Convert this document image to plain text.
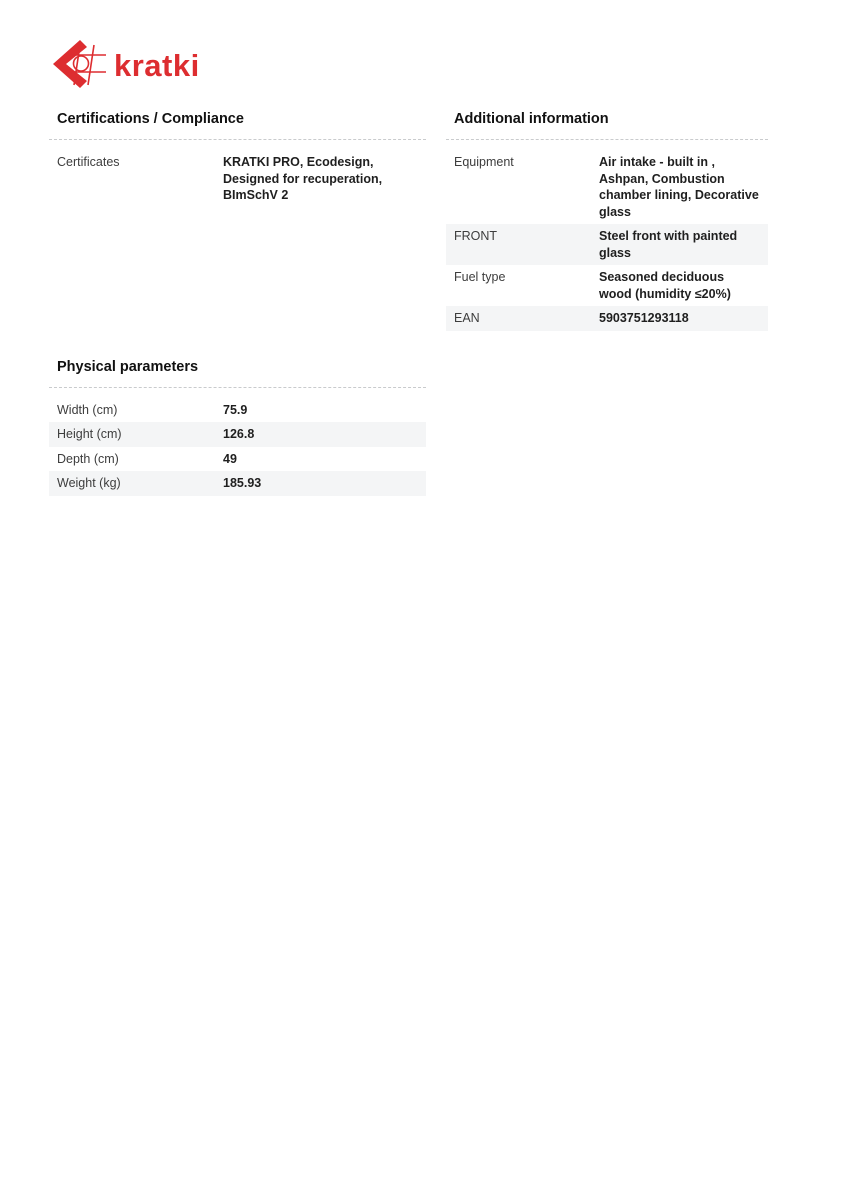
kratki
Certifications / Compliance
Certificates	KRATKI PRO, Ecodesign, Designed for recuperation, BImSchV 2
Additional information
Equipment	Air intake - built in , Ashpan, Combustion chamber lining, Decorative glass
FRONT	Steel front with painted glass
Fuel type	Seasoned deciduous wood (humidity ≤20%)
EAN	5903751293118
Physical parameters
Width (cm)	75.9
Height (cm)	126.8
Depth (cm)	49
Weight (kg)	185.93
